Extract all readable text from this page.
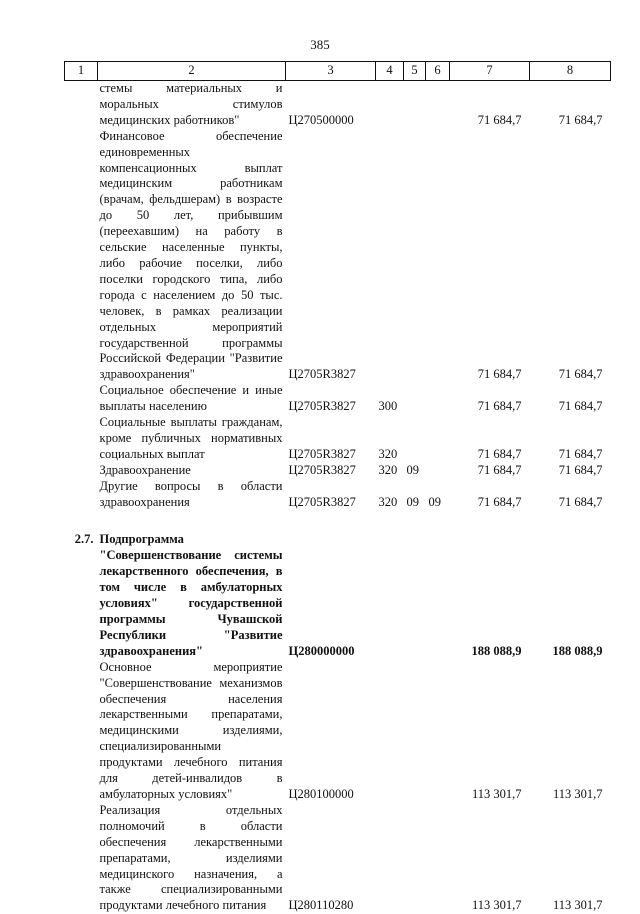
385
1	2	3	4	5	6	7	8
	стемы материальных и моральных стимулов медицинских работников"	Ц270500000				71 684,7	71 684,7
	Финансовое обеспечение единовременных компенсационных выплат медицинским работникам (врачам, фельдшерам) в возрасте до 50 лет, прибывшим (переехавшим) на работу в сельские населенные пункты, либо рабочие поселки, либо поселки городского типа, либо города с населением до 50 тыс. человек, в рамках реализации отдельных мероприятий государственной программы Российской Федерации "Развитие здравоохранения"	Ц2705R3827				71 684,7	71 684,7
	Социальное обеспечение и иные выплаты населению	Ц2705R3827	300			71 684,7	71 684,7
	Социальные выплаты гражданам, кроме публичных нормативных социальных выплат	Ц2705R3827	320			71 684,7	71 684,7
	Здравоохранение	Ц2705R3827	320	09		71 684,7	71 684,7
	Другие вопросы в области здравоохранения	Ц2705R3827	320	09	09	71 684,7	71 684,7

2.7.	Подпрограмма "Совершенствование системы лекарственного обеспечения, в том числе в амбулаторных условиях" государственной программы Чувашской Республики "Развитие здравоохранения"	Ц280000000				188 088,9	188 088,9
	Основное мероприятие "Совершенствование механизмов обеспечения населения лекарственными препаратами, медицинскими изделиями, специализированными продуктами лечебного питания для детей-инвалидов в амбулаторных условиях"	Ц280100000				113 301,7	113 301,7
	Реализация отдельных полномочий в области обеспечения лекарственными препаратами, изделиями медицинского назначения, а также специализированными продуктами лечебного питания	Ц280110280				113 301,7	113 301,7
